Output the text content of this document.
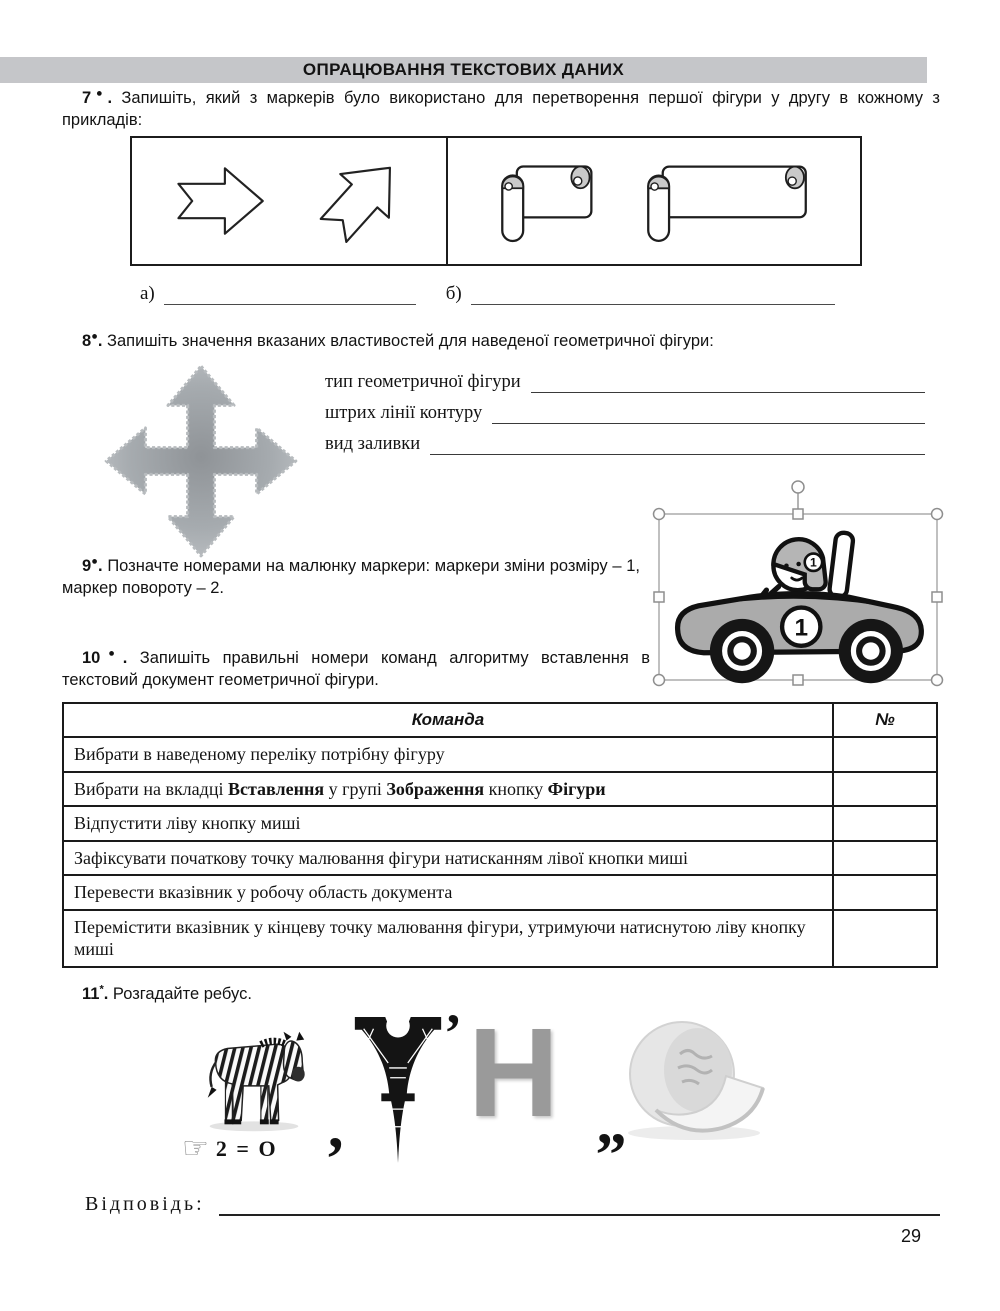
ОПРАЦЮВАННЯ ТЕКСТОВИХ ДАНИХ

7●. Запишіть, який з маркерів було використано для перетворення першої фігури у другу в кожному з прикладів:

а)	б)

8●. Запишіть значення вказаних властивостей для наведеної геометричної фігури:

тип геометричної фігури
штрих лінії контуру
вид заливки

9●. Позначте номерами на малюнку маркери: маркери зміни розміру – 1, маркер повороту – 2.

1
1

10●. Запишіть правильні номери команд алгоритму вставлення в текстовий документ геометричної фігури.

Команда	№
Вибрати в наведеному переліку потрібну фігуру	
Вибрати на вкладці Вставлення у групі Зображення кнопку Фігури	
Відпустити ліву кнопку миші	
Зафіксувати початкову точку малювання фігури натисканням лівої кнопки миші	
Перевести вказівник у робочу область документа	
Перемістити вказівник у кінцеву точку малювання фігури, утримуючи натиснутою ліву кнопку миші	

11*. Розгадайте ребус.

☞ 2 = О ,
’ Н „
Відповідь:
29
